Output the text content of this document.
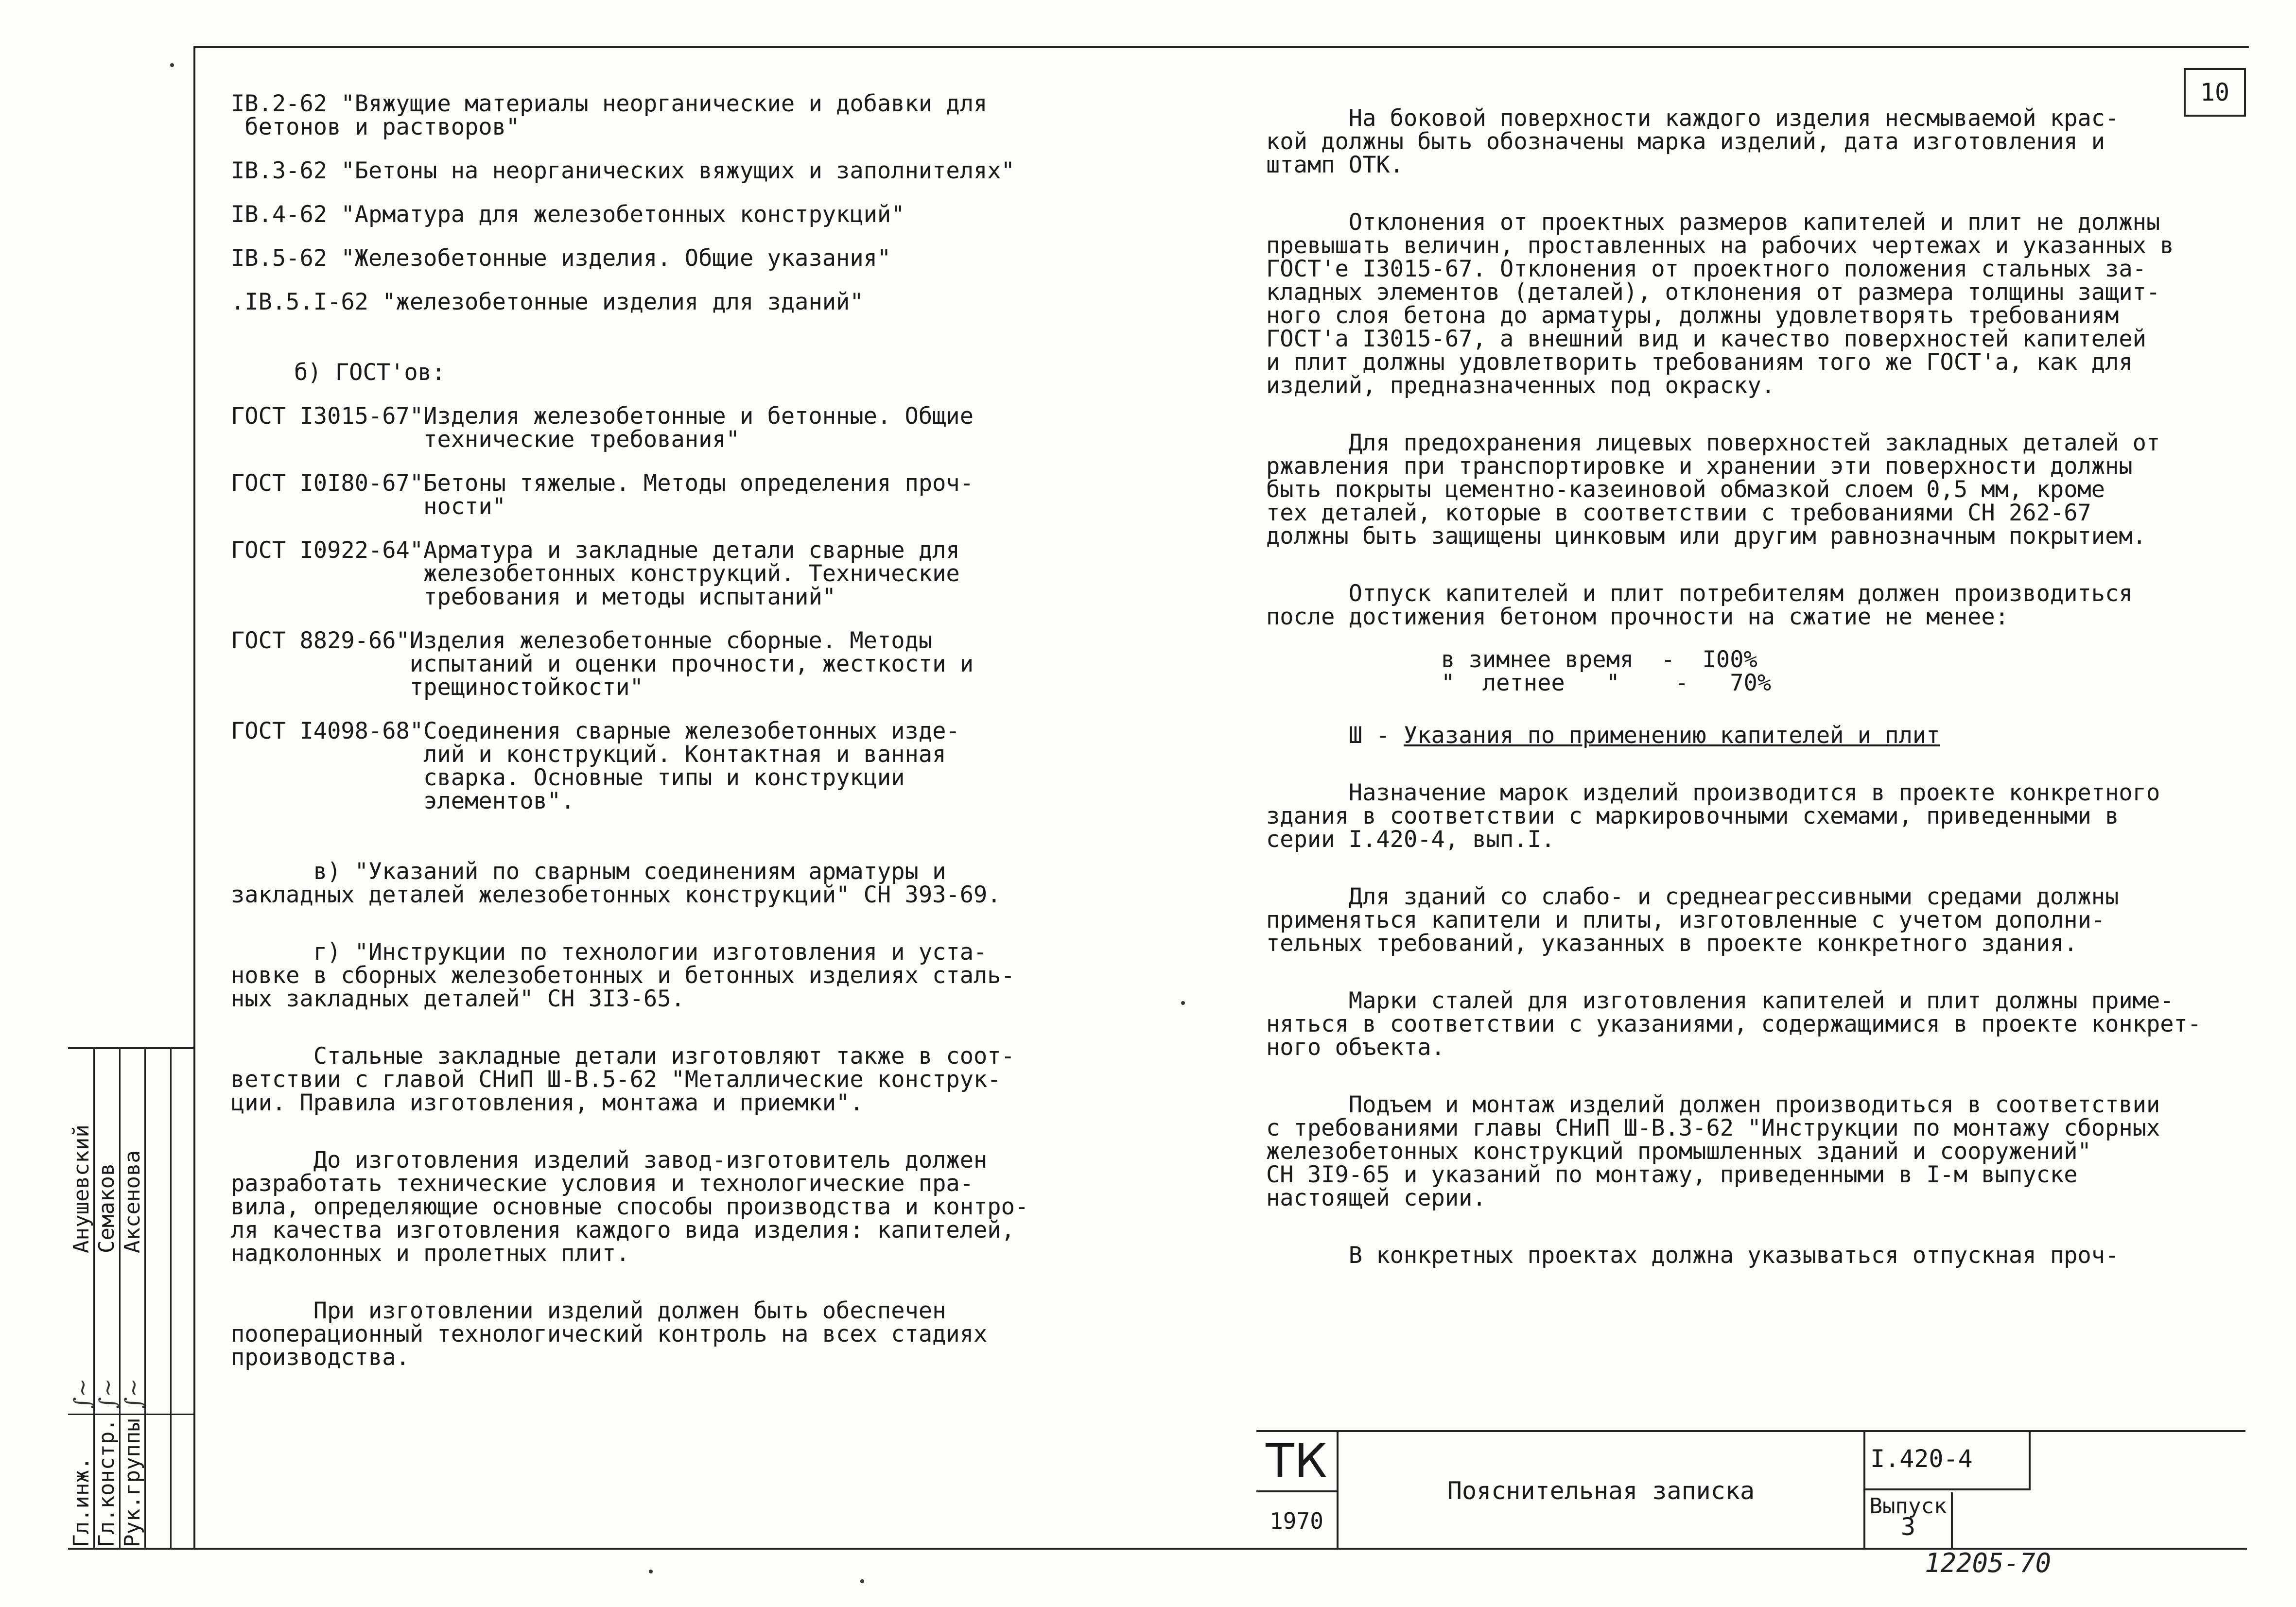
10
IВ.2-62 "Вяжущие материалы неорганические и добавки для
бетонов и растворов"
IВ.3-62 "Бетоны на неорганических вяжущих и заполнителях"
IВ.4-62 "Арматура для железобетонных конструкций"
IВ.5-62 "Железобетонные изделия. Общие указания"
.IВ.5.I-62 "железобетонные изделия для зданий"
б) ГОСТ'ов:
ГОСТ I3015-67 "Изделия железобетонные и бетонные. Общие
технические требования"
ГОСТ I0I80-67 "Бетоны тяжелые. Методы определения проч-
ности"
ГОСТ I0922-64 "Арматура и закладные детали сварные для
железобетонных конструкций. Технические
требования и методы испытаний"
ГОСТ 8829-66 "Изделия железобетонные сборные. Методы
испытаний и оценки прочности, жесткости и
трещиностойкости"
ГОСТ I4098-68 "Соединения сварные железобетонных изде-
лий и конструкций. Контактная и ванная
сварка. Основные типы и конструкции
элементов".
в) "Указаний по сварным соединениям арматуры и
закладных деталей железобетонных конструкций" СН 393-69.
г) "Инструкции по технологии изготовления и уста-
новке в сборных железобетонных и бетонных изделиях сталь-
ных закладных деталей" СН 3I3-65.
Стальные закладные детали изготовляют также в соот-
ветствии с главой СНиП Ш-В.5-62 "Металлические конструк-
ции. Правила изготовления, монтажа и приемки".
До изготовления изделий завод-изготовитель должен
разработать технические условия и технологические пра-
вила, определяющие основные способы производства и контро-
ля качества изготовления каждого вида изделия: капителей,
надколонных и пролетных плит.
При изготовлении изделий должен быть обеспечен
пооперационный технологический контроль на всех стадиях
производства.
На боковой поверхности каждого изделия несмываемой крас-
кой должны быть обозначены марка изделий, дата изготовления и
штамп ОТК.
Отклонения от проектных размеров капителей и плит не должны
превышать величин, проставленных на рабочих чертежах и указанных в
ГОСТ'е I3015-67. Отклонения от проектного положения стальных за-
кладных элементов (деталей), отклонения от размера толщины защит-
ного слоя бетона до арматуры, должны удовлетворять требованиям
ГОСТ'а I3015-67, а внешний вид и качество поверхностей капителей
и плит должны удовлетворить требованиям того же ГОСТ'а, как для
изделий, предназначенных под окраску.
Для предохранения лицевых поверхностей закладных деталей от
ржавления при транспортировке и хранении эти поверхности должны
быть покрыты цементно-казеиновой обмазкой слоем 0,5 мм, кроме
тех деталей, которые в соответствии с требованиями СН 262-67
должны быть защищены цинковым или другим равнозначным покрытием.
Отпуск капителей и плит потребителям должен производиться
после достижения бетоном прочности на сжатие не менее:
в зимнее время  -  I00%
"  летнее   "    -   70%
Ш - Указания по применению капителей и плит
Назначение марок изделий производится в проекте конкретного
здания в соответствии с маркировочными схемами, приведенными в
серии I.420-4, вып.I.
Для зданий со слабо- и среднеагрессивными средами должны
применяться капители и плиты, изготовленные с учетом дополни-
тельных требований, указанных в проекте конкретного здания.
Марки сталей для изготовления капителей и плит должны приме-
няться в соответствии с указаниями, содержащимися в проекте конкрет-
ного объекта.
Подъем и монтаж изделий должен производиться в соответствии
с требованиями главы СНиП Ш-В.3-62 "Инструкции по монтажу сборных
железобетонных конструкций промышленных зданий и сооружений"
СН 3I9-65 и указаний по монтажу, приведенными в I-м выпуске
настоящей серии.
В конкретных проектах должна указываться отпускная проч-
ТК
1970
Пояснительная записка
I.420-4
Выпуск
3
12205-70
Гл.инж. Гл.констр. Рук.группы
∫∼
∫∼ ∫∼
Анушевский Семаков Аксенова
